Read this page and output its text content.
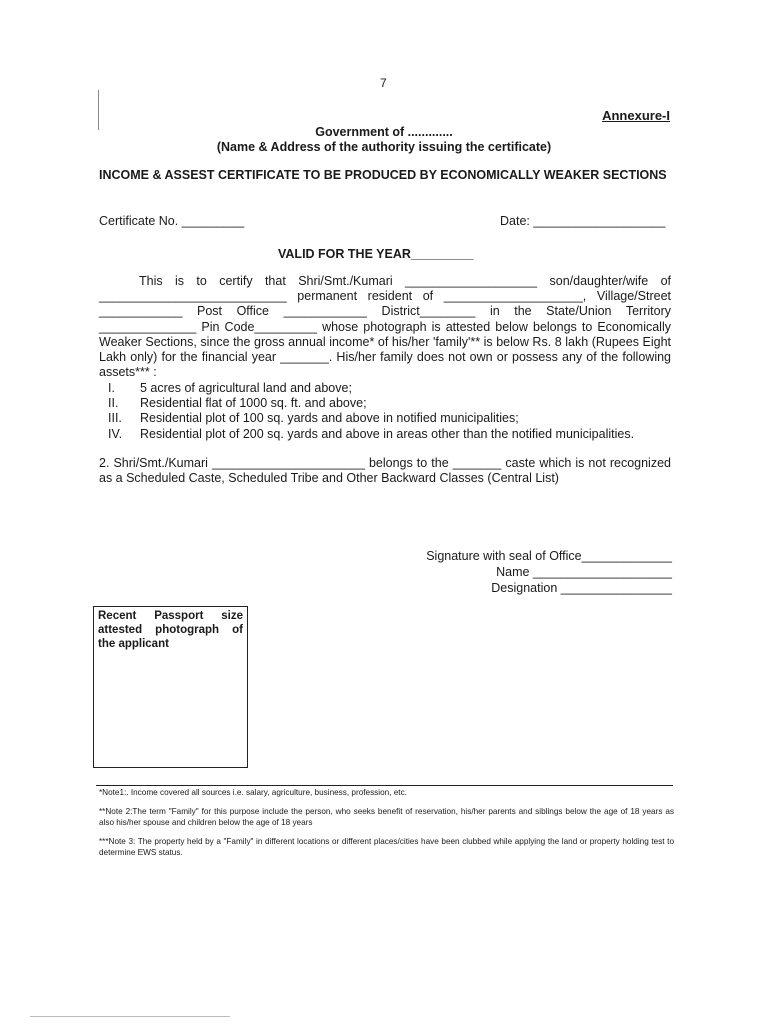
7
Annexure-I
Government of .............
(Name & Address of the authority issuing the certificate)
INCOME & ASSEST CERTIFICATE TO BE PRODUCED BY ECONOMICALLY WEAKER SECTIONS
Certificate No. _________	Date: ___________________
VALID FOR THE YEAR_________

This is to certify that Shri/Smt./Kumari ___________________ son/daughter/wife of ___________________________ permanent resident of ____________________, Village/Street ____________ Post Office ____________ District________ in the State/Union Territory ______________ Pin Code_________ whose photograph is attested below belongs to Economically Weaker Sections, since the gross annual income* of his/her 'family'** is below Rs. 8 lakh (Rupees Eight Lakh only) for the financial year _______. His/her family does not own or possess any of the following assets*** :

I.	5 acres of agricultural land and above;
II.	Residential flat of 1000 sq. ft. and above;
III.	Residential plot of 100 sq. yards and above in notified municipalities;
IV.	Residential plot of 200 sq. yards and above in areas other than the notified municipalities.
2. Shri/Smt./Kumari ______________________ belongs to the _______ caste which is not recognized as a Scheduled Caste, Scheduled Tribe and Other Backward Classes (Central List)
Signature with seal of Office_____________
Name ____________________
Designation ________________
Recent Passport size attested photograph of the applicant

*Note1:. Income covered all sources i.e. salary, agriculture, business, profession, etc.

**Note 2:The term "Family" for this purpose include the person, who seeks benefit of reservation, his/her parents and siblings below the age of 18 years as also his/her spouse and children below the age of 18 years

***Note 3: The property held by a "Family" in different locations or different places/cities have been clubbed while applying the land or property holding test to determine EWS status.
